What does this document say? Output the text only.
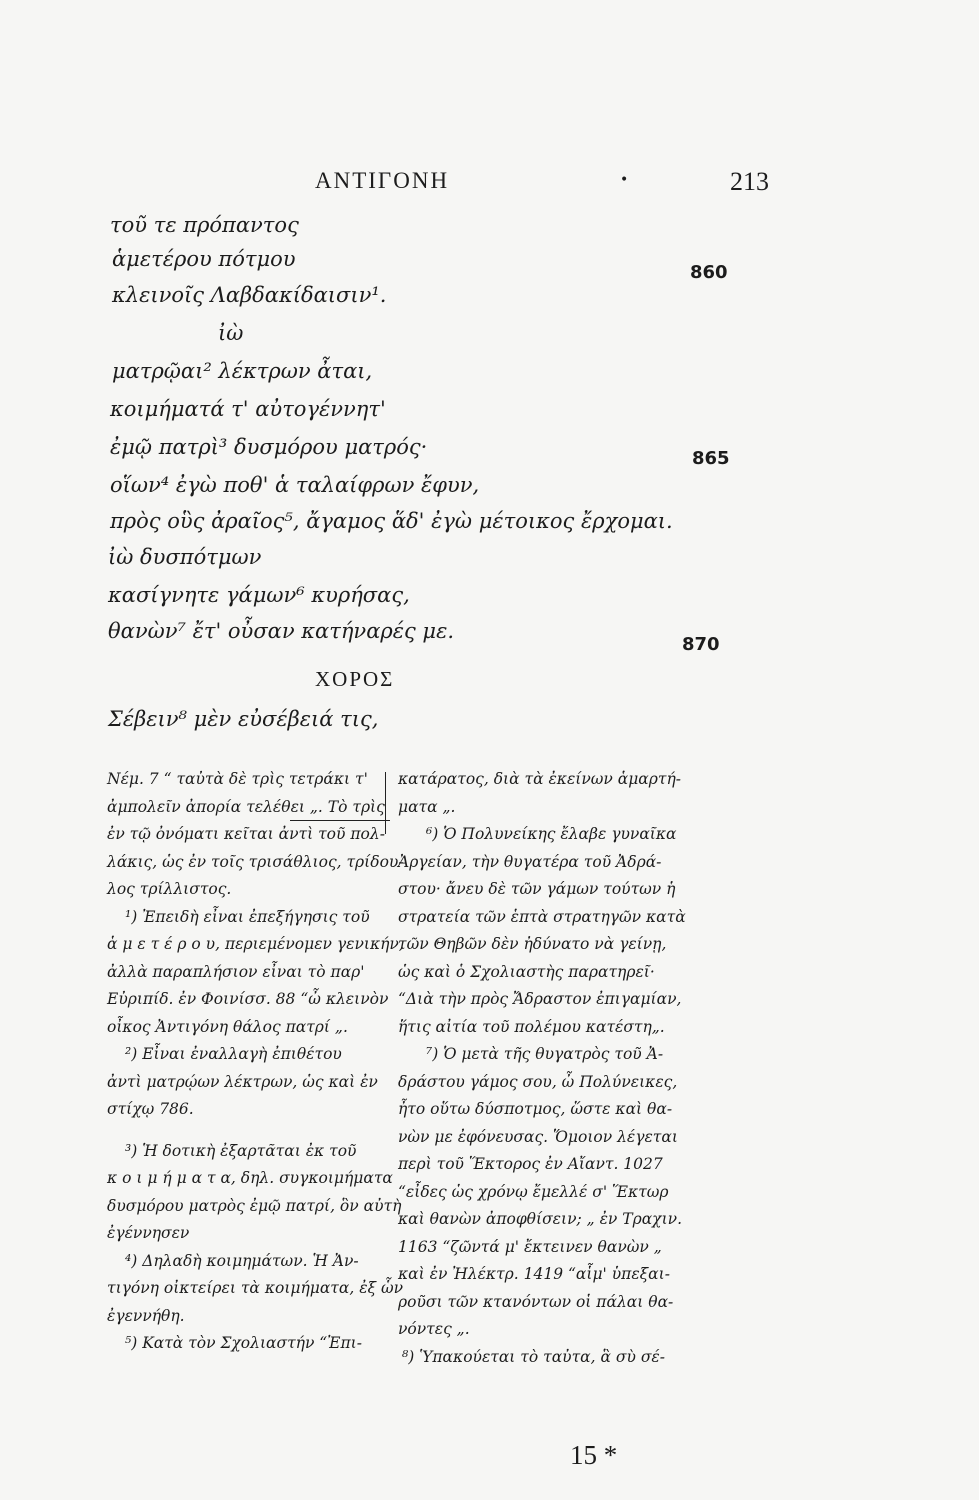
ΑΝΤΙΓΟΝΗ	•	213
τοῦ τε πρόπαντος
ἁμετέρου πότμου
κλεινοῖς Λαβδακίδαισιν¹.
ἰὼ
ματρῷαι² λέκτρων ἆται,
κοιμήματά τ' αὐτογέννητ'
ἐμῷ πατρὶ³ δυσμόρου ματρός·
οἵων⁴ ἐγὼ ποθ' ἁ ταλαίφρων ἔφυν,
πρὸς οὓς ἀραῖος⁵, ἄγαμος ἅδ' ἐγὼ μέτοικος ἔρχομαι.
ἰὼ δυσπότμων
κασίγνητε γάμων⁶ κυρήσας,
θανὼν⁷ ἔτ' οὖσαν κατήναρές με.
Σέβειν⁸ μὲν εὐσέβειά τις,
860
865
870
ΧΟΡΟΣ
Νέμ. 7 “ ταὐτὰ δὲ τρὶς τετράκι τ'
ἀμπολεῖν ἀπορία τελέθει „. Τὸ τρὶς
ἐν τῷ ὀνόματι κεῖται ἀντὶ τοῦ πολ-
λάκις, ὡς ἐν τοῖς τρισάθλιος, τρίδου-
λος τρίλλιστος.
¹) Ἐπειδὴ εἶναι ἐπεξήγησις τοῦ
ἁ μ ε τ έ ρ ο υ, περιεμένομεν γενικήν,
ἀλλὰ παραπλήσιον εἶναι τὸ παρ'
Εὐριπίδ. ἐν Φοινίσσ. 88 “ὦ κλεινὸν
οἶκος Ἀντιγόνη θάλος πατρί „.
²) Εἶναι ἐναλλαγὴ ἐπιθέτου
ἀντὶ ματρῴων λέκτρων, ὡς καὶ ἐν
στίχῳ 786.
³) Ἡ δοτικὴ ἐξαρτᾶται ἐκ τοῦ
κ ο ι μ ή μ α τ α, δηλ. συγκοιμήματα
δυσμόρου ματρὸς ἐμῷ πατρί, ὃν αὐτὴ
ἐγέννησεν
⁴) Δηλαδὴ κοιμημάτων. Ἡ Ἀν-
τιγόνη οἰκτείρει τὰ κοιμήματα, ἐξ ὧν
ἐγεννήθη.
⁵) Κατὰ τὸν Σχολιαστήν “Ἐπι-
κατάρατος, διὰ τὰ ἐκείνων ἁμαρτή-
ματα „.
⁶) Ὁ Πολυνείκης ἔλαβε γυναῖκα
Ἀργείαν, τὴν θυγατέρα τοῦ Ἀδρά-
στου· ἄνευ δὲ τῶν γάμων τούτων ἡ
στρατεία τῶν ἑπτὰ στρατηγῶν κατὰ
τῶν Θηβῶν δὲν ἠδύνατο νὰ γείνῃ,
ὡς καὶ ὁ Σχολιαστὴς παρατηρεῖ·
“Διὰ τὴν πρὸς Ἄδραστον ἐπιγαμίαν,
ἥτις αἰτία τοῦ πολέμου κατέστη„.
⁷) Ὁ μετὰ τῆς θυγατρὸς τοῦ Ἀ-
δράστου γάμος σου, ὦ Πολύνεικες,
ἦτο οὕτω δύσποτμος, ὥστε καὶ θα-
νὼν με ἐφόνευσας. Ὅμοιον λέγεται
περὶ τοῦ Ἕκτορος ἐν Αἴαντ. 1027
“εἶδες ὡς χρόνῳ ἔμελλέ σ' Ἕκτωρ
καὶ θανὼν ἀποφθίσειν; „ ἐν Τραχιν.
1163 “ζῶντά μ' ἔκτεινεν θανὼν „
καὶ ἐν Ἠλέκτρ. 1419 “αἷμ' ὑπεξαι-
ροῦσι τῶν κτανόντων οἱ πάλαι θα-
νόντες „.
⁸) Ὑπακούεται τὸ ταὐτα, ἃ σὺ σέ-
15 *
